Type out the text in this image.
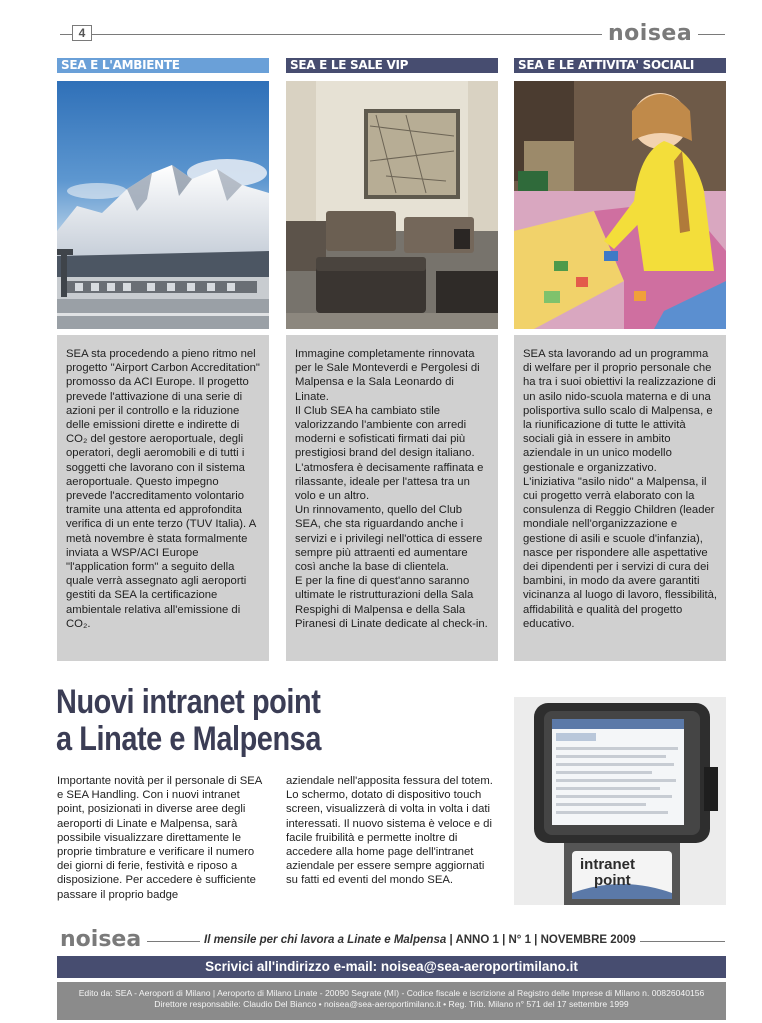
4	noisea
SEA E L'AMBIENTE

SEA sta procedendo a pieno ritmo nel progetto "Airport Carbon Accreditation" promosso da ACI Europe. Il progetto prevede l'attivazione di una serie di azioni per il controllo e la riduzione delle emissioni dirette e indirette di CO₂ del gestore aeroportuale, degli operatori, degli aeromobili e di tutti i soggetti che lavorano con il sistema aeroportuale. Questo impegno prevede l'accreditamento volontario tramite una attenta ed approfondita verifica di un ente terzo (TUV Italia). A metà novembre è stata formalmente inviata a WSP/ACI Europe "l'application form" a seguito della quale verrà assegnato agli aeroporti gestiti da SEA la certificazione ambientale relativa all'emissione di CO₂.

SEA E LE SALE VIP

Immagine completamente rinnovata per le Sale Monteverdi e Pergolesi di Malpensa e la Sala Leonardo di Linate.

Il Club SEA ha cambiato stile valorizzando l'ambiente con arredi moderni e sofisticati firmati dai più prestigiosi brand del design italiano. L'atmosfera è decisamente raffinata e rilassante, ideale per l'attesa tra un volo e un altro.

Un rinnovamento, quello del Club SEA, che sta riguardando anche i servizi e i privilegi nell'ottica di essere sempre più attraenti ed aumentare così anche la base di clientela.

E per la fine di quest'anno saranno ultimate le ristrutturazioni della Sala Respighi di Malpensa e della Sala Piranesi di Linate dedicate al check-in.

SEA E LE ATTIVITA' SOCIALI

SEA sta lavorando ad un programma di welfare per il proprio personale che ha tra i suoi obiettivi la realizzazione di un asilo nido-scuola materna e di una polisportiva sullo scalo di Malpensa, e la riunificazione di tutte le attività sociali già in essere in ambito aziendale in un unico modello gestionale e organizzativo.

L'iniziativa "asilo nido" a Malpensa, il cui progetto verrà elaborato con la consulenza di Reggio Children (leader mondiale nell'organizzazione e gestione di asili e scuole d'infanzia), nasce per rispondere alle aspettative dei dipendenti per i servizi di cura dei bambini, in modo da avere garantiti vicinanza al luogo di lavoro, flessibilità, affidabilità e qualità del progetto educativo.

Nuovi intranet point
a Linate e Malpensa
Importante novità per il personale di SEA e SEA Handling. Con i nuovi intranet point, posizionati in diverse aree degli aeroporti di Linate e Malpensa, sarà possibile visualizzare direttamente le proprie timbrature e verificare il numero dei giorni di ferie, festività e riposo a disposizione. Per accedere è sufficiente passare il proprio badge
aziendale nell'apposita fessura del totem. Lo schermo, dotato di dispositivo touch screen, visualizzerà di volta in volta i dati interessati. Il nuovo sistema è veloce e di facile fruibilità e permette inoltre di accedere alla home page dell'intranet aziendale per essere sempre aggiornati su fatti ed eventi del mondo SEA.
intranet
point
noisea	Il mensile per chi lavora a Linate e Malpensa | ANNO 1 | N° 1 | NOVEMBRE 2009
Scrivici all'indirizzo e-mail: noisea@sea-aeroportimilano.it
Edito da: SEA - Aeroporti di Milano | Aeroporto di Milano Linate - 20090 Segrate (MI) - Codice fiscale e iscrizione al Registro delle Imprese di Milano n. 00826040156
Direttore responsabile: Claudio Del Bianco • noisea@sea-aeroportimilano.it • Reg. Trib. Milano n° 571 del 17 settembre 1999
